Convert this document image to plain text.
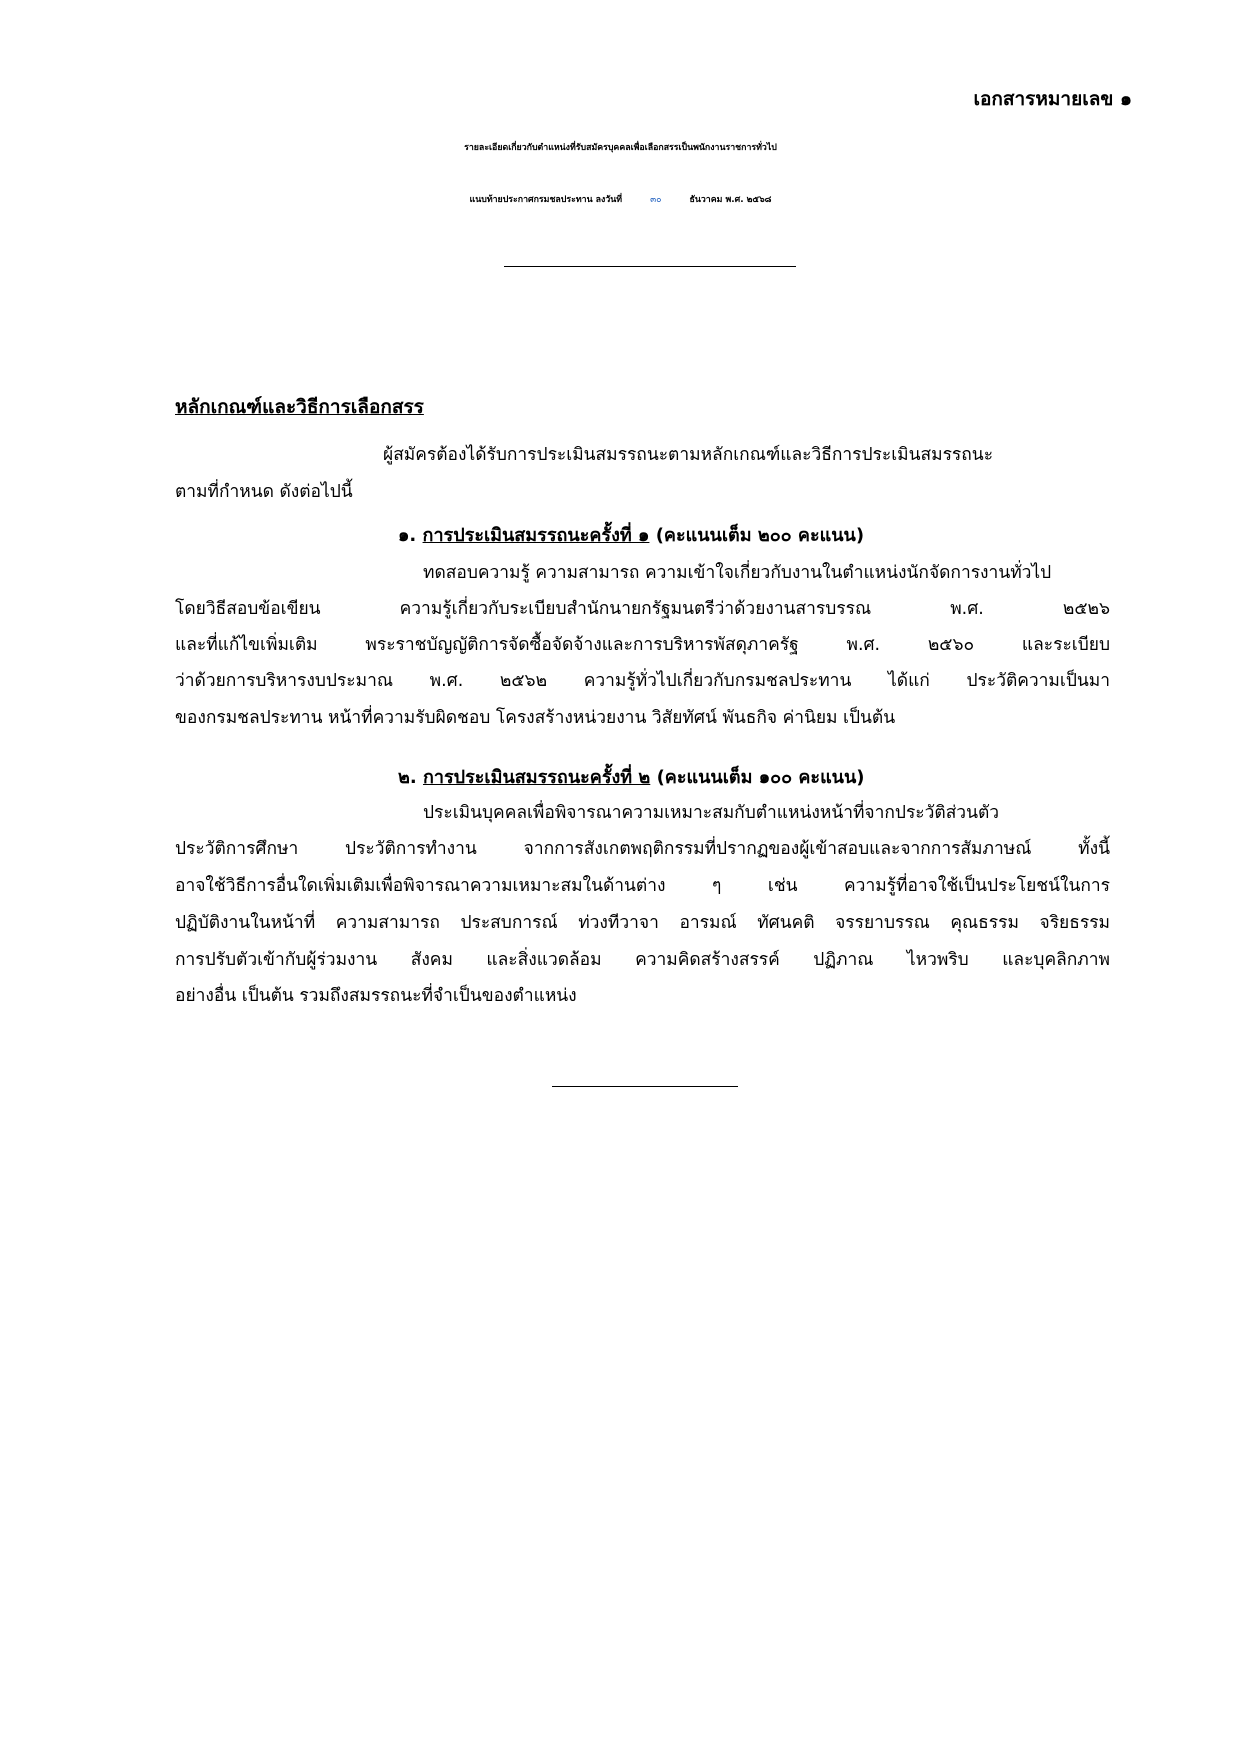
เอกสารหมายเลข ๑
รายละเอียดเกี่ยวกับตำแหน่งที่รับสมัครบุคคลเพื่อเลือกสรรเป็นพนักงานราชการทั่วไป
แนบท้ายประกาศกรมชลประทาน ลงวันที่	๓๐	ธันวาคม พ.ศ. ๒๕๖๘
หลักเกณฑ์และวิธีการเลือกสรร
ผู้สมัครต้องได้รับการประเมินสมรรถนะตามหลักเกณฑ์และวิธีการประเมินสมรรถนะ
ตามที่กำหนด ดังต่อไปนี้
๑. การประเมินสมรรถนะครั้งที่ ๑ (คะแนนเต็ม ๒๐๐ คะแนน)
ทดสอบความรู้ ความสามารถ ความเข้าใจเกี่ยวกับงานในตำแหน่งนักจัดการงานทั่วไป
โดยวิธีสอบข้อเขียน ความรู้เกี่ยวกับระเบียบสำนักนายกรัฐมนตรีว่าด้วยงานสารบรรณ พ.ศ. ๒๕๒๖
และที่แก้ไขเพิ่มเติม พระราชบัญญัติการจัดซื้อจัดจ้างและการบริหารพัสดุภาครัฐ พ.ศ. ๒๕๖๐ และระเบียบ
ว่าด้วยการบริหารงบประมาณ พ.ศ. ๒๕๖๒ ความรู้ทั่วไปเกี่ยวกับกรมชลประทาน ได้แก่ ประวัติความเป็นมา
ของกรมชลประทาน หน้าที่ความรับผิดชอบ โครงสร้างหน่วยงาน วิสัยทัศน์ พันธกิจ ค่านิยม เป็นต้น
๒. การประเมินสมรรถนะครั้งที่ ๒ (คะแนนเต็ม ๑๐๐ คะแนน)
ประเมินบุคคลเพื่อพิจารณาความเหมาะสมกับตำแหน่งหน้าที่จากประวัติส่วนตัว
ประวัติการศึกษา ประวัติการทำงาน จากการสังเกตพฤติกรรมที่ปรากฏของผู้เข้าสอบและจากการสัมภาษณ์ ทั้งนี้
อาจใช้วิธีการอื่นใดเพิ่มเติมเพื่อพิจารณาความเหมาะสมในด้านต่าง ๆ เช่น ความรู้ที่อาจใช้เป็นประโยชน์ในการ
ปฏิบัติงานในหน้าที่ ความสามารถ ประสบการณ์ ท่วงทีวาจา อารมณ์ ทัศนคติ จรรยาบรรณ คุณธรรม จริยธรรม
การปรับตัวเข้ากับผู้ร่วมงาน สังคม และสิ่งแวดล้อม ความคิดสร้างสรรค์ ปฏิภาณ ไหวพริบ และบุคลิกภาพ
อย่างอื่น เป็นต้น รวมถึงสมรรถนะที่จำเป็นของตำแหน่ง
